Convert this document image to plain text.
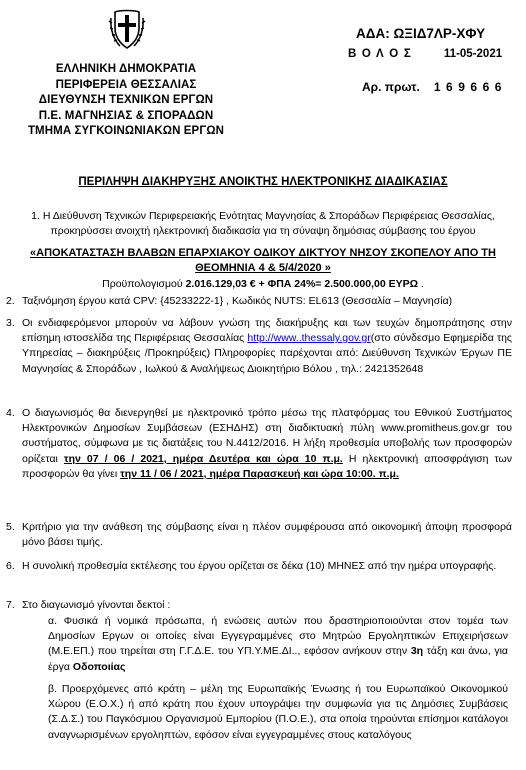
ΕΛΛΗΝΙΚΗ ΔΗΜΟΚΡΑΤΙΑ
ΠΕΡΙΦΕΡΕΙΑ ΘΕΣΣΑΛΙΑΣ
ΔΙΕΥΘΥΝΣΗ ΤΕΧΝΙΚΩΝ ΕΡΓΩΝ
Π.Ε. ΜΑΓΝΗΣΙΑΣ & ΣΠΟΡΑΔΩΝ
ΤΜΗΜΑ ΣΥΓΚΟΙΝΩΝΙΑΚΩΝ ΕΡΓΩΝ
ΑΔΑ: ΩΞΙΔ7ΛΡ-ΧΦΥ
Β Ο Λ Ο Σ	11-05-2021
Αρ. πρωτ. 169666
ΠΕΡΙΛΗΨΗ ΔΙΑΚΗΡΥΞΗΣ ΑΝΟΙΚΤΗΣ ΗΛΕΚΤΡΟΝΙΚΗΣ ΔΙΑΔΙΚΑΣΙΑΣ
1. Η Διεύθυνση Τεχνικών Περιφερειακής Ενότητας Μαγνησίας & Σποράδων Περιφέρειας Θεσσαλίας,
προκηρύσσει ανοιχτή ηλεκτρονική διαδικασία για τη σύναψη δημόσιας σύμβασης του έργου
«ΑΠΟΚΑΤΑΣΤΑΣΗ ΒΛΑΒΩΝ ΕΠΑΡΧΙΑΚΟΥ ΟΔΙΚΟΥ ΔΙΚΤΥΟΥ ΝΗΣΟΥ ΣΚΟΠΕΛΟΥ ΑΠΟ ΤΗ
ΘΕΟΜΗΝΙΑ 4 & 5/4/2020 »
Προϋπολογισμού 2.016.129,03 € + ΦΠΑ 24%= 2.500.000,00 ΕΥΡΩ .
2. Ταξινόμηση έργου κατά CPV: {45233222-1} , Κωδικός NUTS: EL613 (Θεσσαλία – Μαγνησία)
3. Οι ενδιαφερόμενοι μπορούν να λάβουν γνώση της διακήρυξης και των τευχών δημοπράτησης στην επίσημη ιστοσελίδα της Περιφέρειας Θεσσαλίας http://www..thessaly.gov.gr(στο σύνδεσμο Εφημερίδα της Υπηρεσίας – διακηρύξεις /Προκηρύξεις) Πληροφορίες παρέχονται από: Διεύθυνση Τεχνικών Έργων ΠΕ Μαγνησίας & Σποράδων , Ιωλκού & Αναλήψεως Διοικητήριο Βόλου , τηλ.: 2421352648
4. Ο διαγωνισμός θα διενεργηθεί με ηλεκτρονικό τρόπο μέσω της πλατφόρμας του Εθνικού Συστήματος Ηλεκτρονικών Δημοσίων Συμβάσεων (ΕΣΗΔΗΣ) στη διαδικτυακή πύλη www.promitheus.gov.gr του συστήματος, σύμφωνα με τις διατάξεις του Ν.4412/2016. Η λήξη προθεσμία υποβολής των προσφορών ορίζεται την 07 / 06 / 2021, ημέρα Δευτέρα και ώρα 10 π.μ. Η ηλεκτρονική αποσφράγιση των προσφορών θα γίνει την 11 / 06 / 2021, ημέρα Παρασκευή και ώρα 10:00. π.μ.
5. Κριτήριο για την ανάθεση της σύμβασης είναι η πλέον συμφέρουσα από οικονομική άποψη προσφορά μόνο βάσει τιμής.
6. Η συνολική προθεσμία εκτέλεσης του έργου ορίζεται σε δέκα (10) ΜΗΝΕΣ από την ημέρα υπογραφής.
7. Στο διαγωνισμό γίνονται δεκτοί :
α. Φυσικά ή νομικά πρόσωπα, ή ενώσεις αυτών που δραστηριοποιούνται στον τομέα των Δημοσίων Εργων οι οποίες είναι Εγγεγραμμένες στο Μητρώο Εργοληπτικών Επιχειρήσεων (Μ.Ε.ΕΠ.) που τηρείται στη Γ.Γ.Δ.Ε. του ΥΠ.Υ.ΜΕ.ΔΙ.., εφόσον ανήκουν στην 3η τάξη και άνω, για έργα Οδοποιίας
β. Προερχόμενες από κράτη – μέλη της Ευρωπαϊκής Ένωσης ή του Ευρωπαϊκού Οικονομικού Χώρου (Ε.Ο.Χ.) ή από κράτη που έχουν υπογράψει την συμφωνία για τις Δημόσιες Συμβάσεις (Σ.Δ.Σ.) του Παγκόσμιου Οργανισμού Εμπορίου (Π.Ο.Ε.), στα οποία τηρούνται επίσημοι κατάλογοι αναγνωρισμένων εργοληπτών, εφόσον είναι εγγεγραμμένες στους καταλόγους
